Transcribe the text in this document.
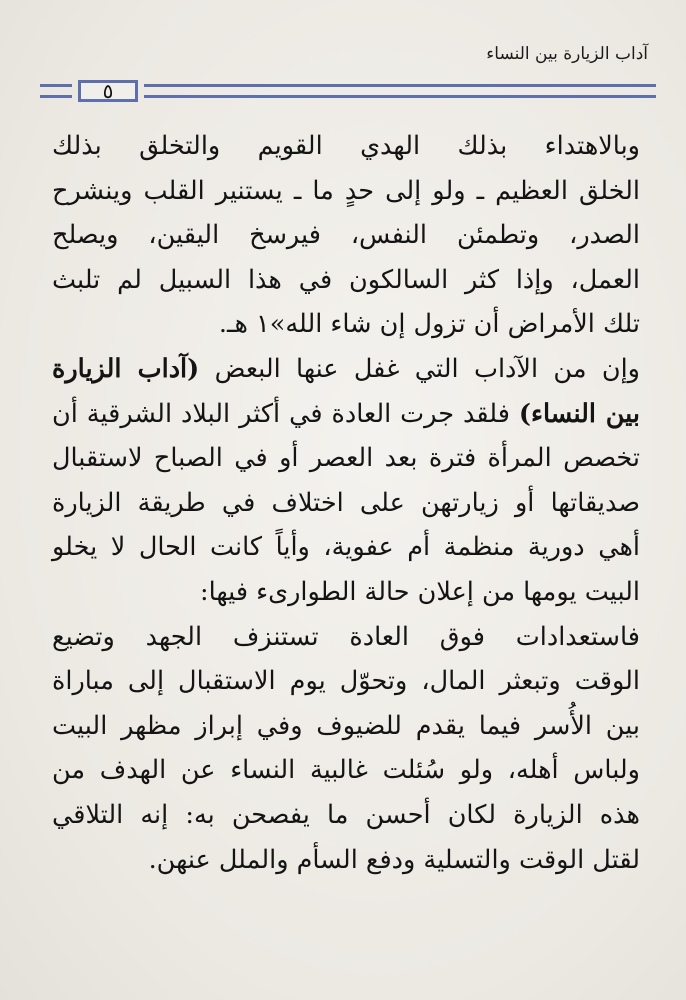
آداب الزيارة بين النساء
٥
وبالاهتداء بذلك الهدي القويم والتخلق بذلك
الخلق العظيم ـ ولو إلى حدٍ ما ـ يستنير القلب وينشرح
الصدر، وتطمئن النفس، فيرسخ اليقين، ويصلح
العمل، وإذا كثر السالكون في هذا السبيل لم تلبث
تلك الأمراض أن تزول إن شاء الله»١ هـ.
وإن من الآداب التي غفل عنها البعض (آداب الزيارة
بين النساء) فلقد جرت العادة في أكثر البلاد الشرقية أن
تخصص المرأة فترة بعد العصر أو في الصباح لاستقبال
صديقاتها أو زيارتهن على اختلاف في طريقة الزيارة
أهي دورية منظمة أم عفوية، وأياً كانت الحال لا يخلو
البيت يومها من إعلان حالة الطوارىء فيها:
فاستعدادات فوق العادة تستنزف الجهد وتضيع
الوقت وتبعثر المال، وتحوّل يوم الاستقبال إلى مباراة
بين الأُسر فيما يقدم للضيوف وفي إبراز مظهر البيت
ولباس أهله، ولو سُئلت غالبية النساء عن الهدف من
هذه الزيارة لكان أحسن ما يفصحن به: إنه التلاقي
لقتل الوقت والتسلية ودفع السأم والملل عنهن.
